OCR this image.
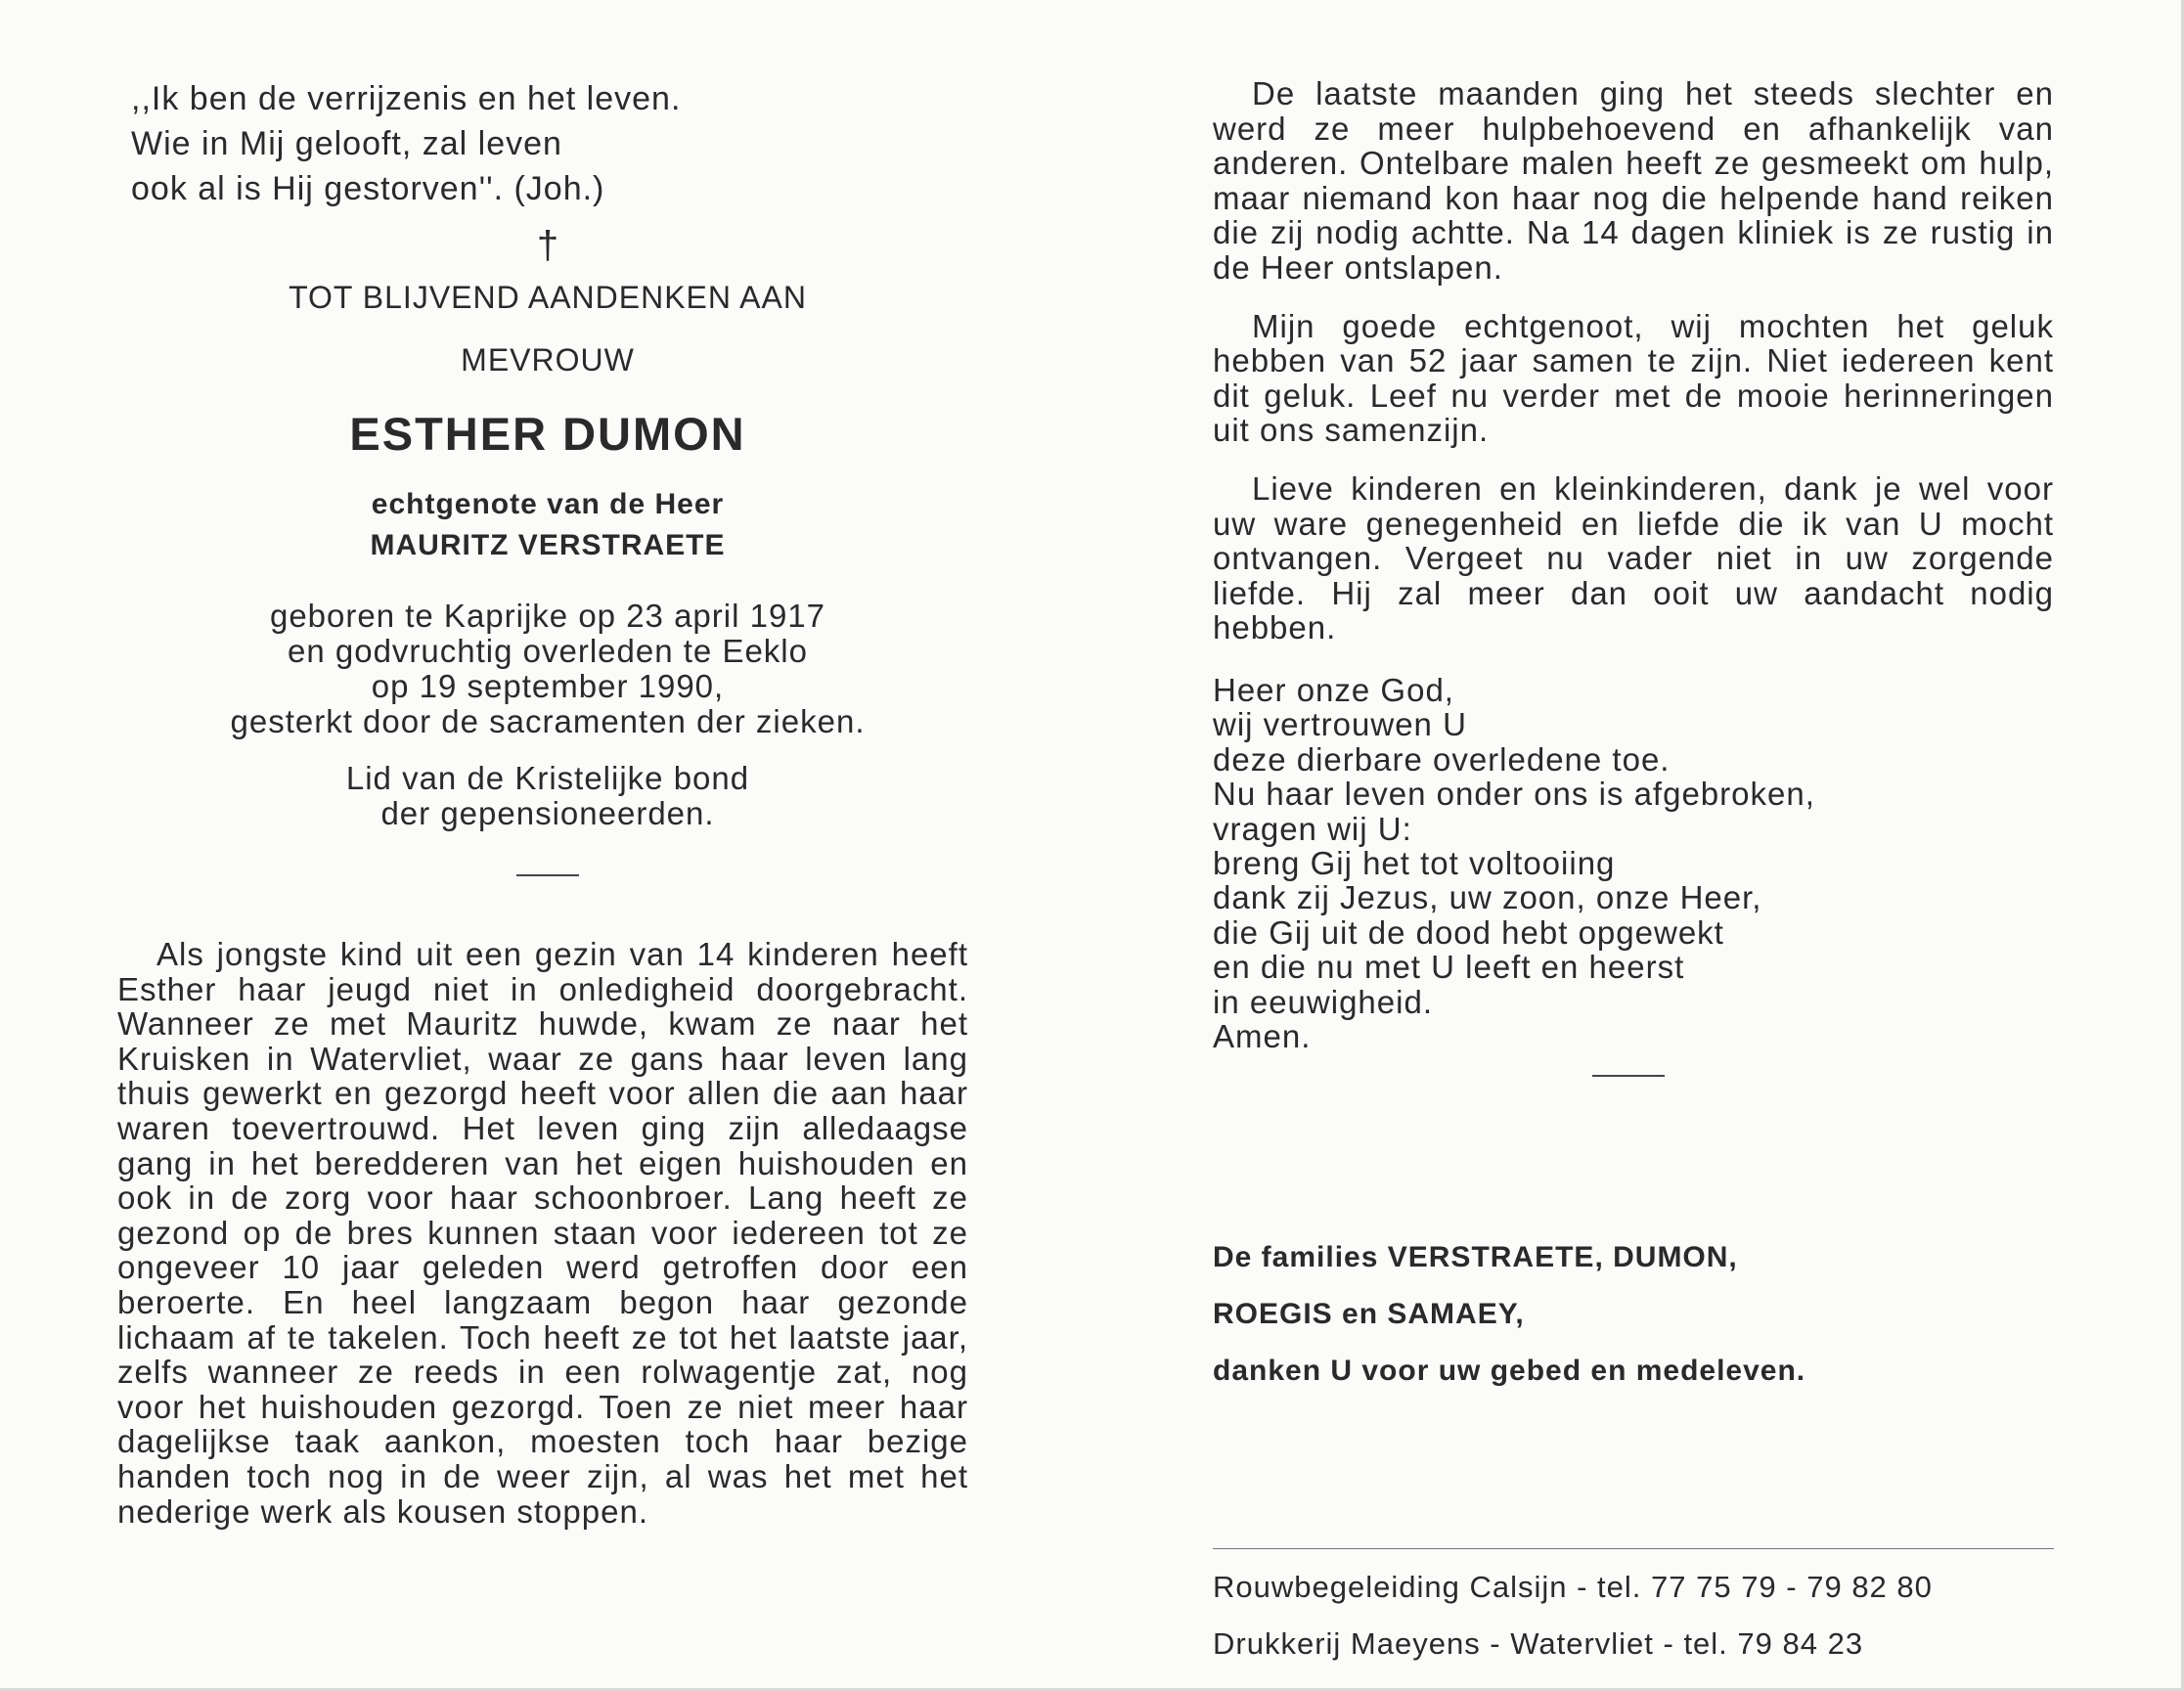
,,Ik ben de verrijzenis en het leven.
Wie in Mij gelooft, zal leven
ook al is Hij gestorven''. (Joh.)
†
TOT BLIJVEND AANDENKEN AAN
MEVROUW
ESTHER DUMON
echtgenote van de Heer
MAURITZ VERSTRAETE
geboren te Kaprijke op 23 april 1917
en godvruchtig overleden te Eeklo
op 19 september 1990,
gesterkt door de sacramenten der zieken.
Lid van de Kristelijke bond
der gepensioneerden.

Als jongste kind uit een gezin van 14 kinderen heeft Esther haar jeugd niet in onledigheid doorgebracht. Wanneer ze met Mauritz huwde, kwam ze naar het Kruisken in Watervliet, waar ze gans haar leven lang thuis gewerkt en gezorgd heeft voor allen die aan haar waren toevertrouwd. Het leven ging zijn alledaagse gang in het beredderen van het eigen huishouden en ook in de zorg voor haar schoonbroer. Lang heeft ze gezond op de bres kunnen staan voor iedereen tot ze ongeveer 10 jaar geleden werd getroffen door een beroerte. En heel langzaam begon haar gezonde lichaam af te takelen. Toch heeft ze tot het laatste jaar, zelfs wanneer ze reeds in een rolwagentje zat, nog voor het huishouden gezorgd. Toen ze niet meer haar dagelijkse taak aankon, moesten toch haar bezige handen toch nog in de weer zijn, al was het met het nederige werk als kousen stoppen.

De laatste maanden ging het steeds slechter en werd ze meer hulpbehoevend en afhankelijk van anderen. Ontelbare malen heeft ze gesmeekt om hulp, maar niemand kon haar nog die helpende hand reiken die zij nodig achtte. Na 14 dagen kliniek is ze rustig in de Heer ontslapen.

Mijn goede echtgenoot, wij mochten het geluk hebben van 52 jaar samen te zijn. Niet iedereen kent dit geluk. Leef nu verder met de mooie herinneringen uit ons samenzijn.

Lieve kinderen en kleinkinderen, dank je wel voor uw ware genegenheid en liefde die ik van U mocht ontvangen. Vergeet nu vader niet in uw zorgende liefde. Hij zal meer dan ooit uw aandacht nodig hebben.

Heer onze God,
wij vertrouwen U
deze dierbare overledene toe.
Nu haar leven onder ons is afgebroken,
vragen wij U:
breng Gij het tot voltooiing
dank zij Jezus, uw zoon, onze Heer,
die Gij uit de dood hebt opgewekt
en die nu met U leeft en heerst
in eeuwigheid.
Amen.
De families VERSTRAETE, DUMON,
ROEGIS en SAMAEY,
danken U voor uw gebed en medeleven.
Rouwbegeleiding Calsijn - tel. 77 75 79 - 79 82 80
Drukkerij Maeyens - Watervliet - tel. 79 84 23
